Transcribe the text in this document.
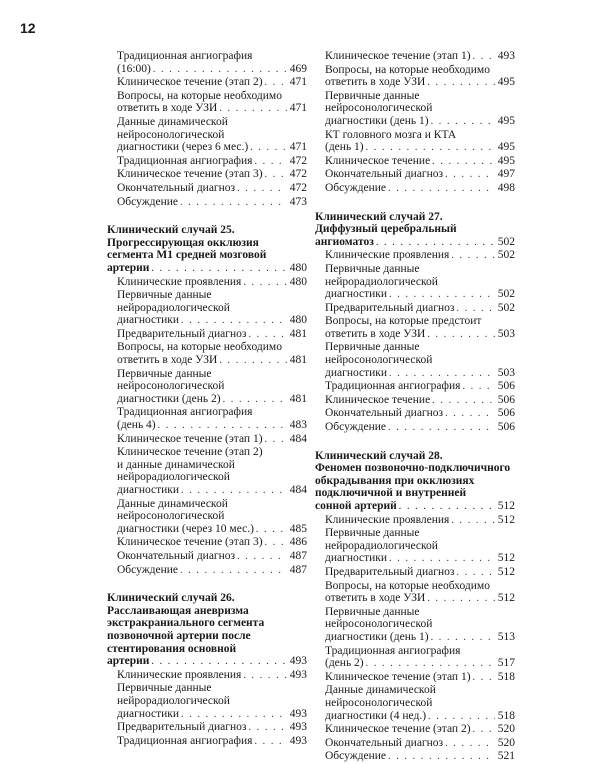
12
Традиционная ангиография
(16:00) . . .	469
Клиническое течение (этап 2) . . . 471
Вопросы, на которые необходимо
ответить в ходе УЗИ . . .	471
Данные динамической
нейросонологической
диагностики (через 6 мес.) . . .	471
Традиционная ангиография . . .	472
Клиническое течение (этап 3) . . . 472
Окончательный диагноз . . .	472
Обсуждение . . .	473
Клинический случай 25.
Прогрессирующая окклюзия
сегмента М1 средней мозговой
артерии . . .	480
Клинические проявления . . .	480
Первичные данные
нейрорадиологической
диагностики . . .	480
Предварительный диагноз . . .	481
Вопросы, на которые необходимо
ответить в ходе УЗИ . . .	481
Первичные данные
нейросонологической
диагностики (день 2) . . .	481
Традиционная ангиография
(день 4) . . .	483
Клиническое течение (этап 1) . . . 484
Клиническое течение (этап 2)
и данные динамической
нейрорадиологической
диагностики . . .	484
Данные динамической
нейросонологической
диагностики (через 10 мес.) . . .	485
Клиническое течение (этап 3) . . . 486
Окончательный диагноз . . .	487
Обсуждение . . .	487
Клинический случай 26.
Расслаивающая аневризма
экстракраниального сегмента
позвоночной артерии после
стентирования основной
артерии . . .	493
Клинические проявления . . .	493
Первичные данные
нейрорадиологической
диагностики . . .	493
Предварительный диагноз . . .	493
Традиционная ангиография . . .	493
Клиническое течение (этап 1) . . . 493
Вопросы, на которые необходимо
ответить в ходе УЗИ . . .	495
Первичные данные
нейросонологической
диагностики (день 1) . . .	495
КТ головного мозга и КТА
(день 1) . . .	495
Клиническое течение . . .	495
Окончательный диагноз . . .	497
Обсуждение . . .	498
Клинический случай 27.
Диффузный церебральный
ангиоматоз . . .	502
Клинические проявления . . .	502
Первичные данные
нейрорадиологической
диагностики . . .	502
Предварительный диагноз . . .	502
Вопросы, на которые предстоит
ответить в ходе УЗИ . . .	503
Первичные данные
нейросонологической
диагностики . . .	503
Традиционная ангиография . . .	506
Клиническое течение . . .	506
Окончательный диагноз . . .	506
Обсуждение . . .	506
Клинический случай 28.
Феномен позвоночно-подключичного
обкрадывания при окклюзиях
подключичной и внутренней
сонной артерий . . .	512
Клинические проявления . . .	512
Первичные данные
нейрорадиологической
диагностики . . .	512
Предварительный диагноз . . .	512
Вопросы, на которые необходимо
ответить в ходе УЗИ . . .	512
Первичные данные
нейросонологической
диагностики (день 1) . . .	513
Традиционная ангиография
(день 2) . . .	517
Клиническое течение (этап 1) . . . 518
Данные динамической
нейросонологической
диагностики (4 нед.) . . .	518
Клиническое течение (этап 2) . . . 520
Окончательный диагноз . . .	520
Обсуждение . . .	521
